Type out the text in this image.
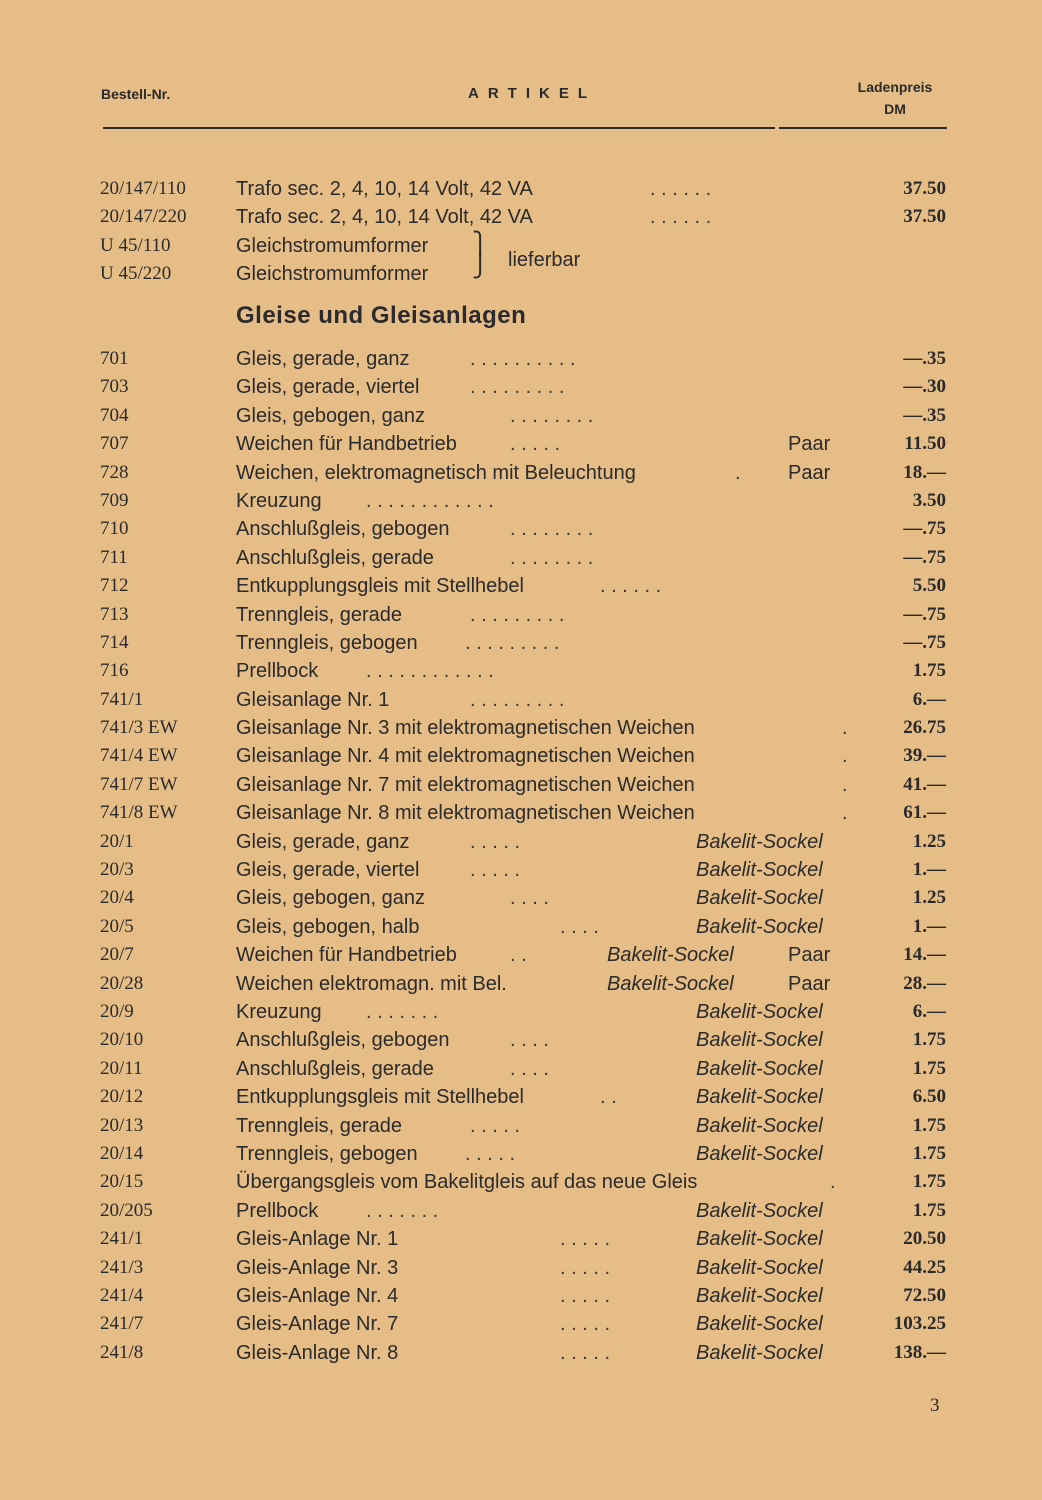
Bestell-Nr.	ARTIKEL	Ladenpreis
DM
20/147/110	Trafo sec. 2, 4, 10, 14 Volt, 42 VA	. . . . . .	37.50
20/147/220 Trafo sec. 2, 4, 10, 14 Volt, 42 VA	. . . . . .	37.50
U 45/110	Gleichstromumformer
U 45/220	Gleichstromumformer
⎫
⎭ lieferbar
Gleise und Gleisanlagen
701	Gleis, gerade, ganz	. . . . . . . . . .	—.35
703	Gleis, gerade, viertel	. . . . . . . . .	—.30
704	Gleis, gebogen, ganz	. . . . . . . .	—.35
707	Weichen für Handbetrieb	. . . . .	Paar	11.50
728	Weichen, elektromagnetisch mit Beleuchtung	. Paar	18.—
709	Kreuzung . . . . . . . . . . . .	3.50
710	Anschlußgleis, gebogen	. . . . . . . .	—.75
711	Anschlußgleis, gerade	. . . . . . . .	—.75
712	Entkupplungsgleis mit Stellhebel	. . . . . .	5.50
713	Trenngleis, gerade	. . . . . . . . .	—.75
714	Trenngleis, gebogen . . . . . . . . .	—.75
716	Prellbock . . . . . . . . . . . .	1.75
741/1	Gleisanlage Nr. 1	. . . . . . . . .	6.—
741/3 EW	Gleisanlage Nr. 3 mit elektromagnetischen Weichen	.	26.75
741/4 EW	Gleisanlage Nr. 4 mit elektromagnetischen Weichen	.	39.—
741/7 EW	Gleisanlage Nr. 7 mit elektromagnetischen Weichen	.	41.—
741/8 EW	Gleisanlage Nr. 8 mit elektromagnetischen Weichen	.	61.—
20/1	Gleis, gerade, ganz	. . . . .	Bakelit-Sockel	1.25
20/3	Gleis, gerade, viertel	. . . . .	Bakelit-Sockel	1.—
20/4	Gleis, gebogen, ganz	. . . .	Bakelit-Sockel	1.25
20/5	Gleis, gebogen, halb	. . . .	Bakelit-Sockel	1.—
20/7	Weichen für Handbetrieb	. .	Bakelit-Sockel	Paar	14.—
20/28	Weichen elektromagn. mit Bel.	Bakelit-Sockel	Paar	28.—
20/9	Kreuzung . . . . . . .	Bakelit-Sockel	6.—
20/10	Anschlußgleis, gebogen	. . . .	Bakelit-Sockel	1.75
20/11	Anschlußgleis, gerade	. . . .	Bakelit-Sockel	1.75
20/12	Entkupplungsgleis mit Stellhebel	. .	Bakelit-Sockel	6.50
20/13	Trenngleis, gerade	. . . . .	Bakelit-Sockel	1.75
20/14	Trenngleis, gebogen . . . . .	Bakelit-Sockel	1.75
20/15	Übergangsgleis vom Bakelitgleis auf das neue Gleis	.	1.75
20/205	Prellbock . . . . . . .	Bakelit-Sockel	1.75
241/1	Gleis-Anlage Nr. 1	. . . . .	Bakelit-Sockel	20.50
241/3	Gleis-Anlage Nr. 3	. . . . .	Bakelit-Sockel	44.25
241/4	Gleis-Anlage Nr. 4	. . . . .	Bakelit-Sockel	72.50
241/7	Gleis-Anlage Nr. 7	. . . . .	Bakelit-Sockel	103.25
241/8	Gleis-Anlage Nr. 8	. . . . .	Bakelit-Sockel	138.—
3
